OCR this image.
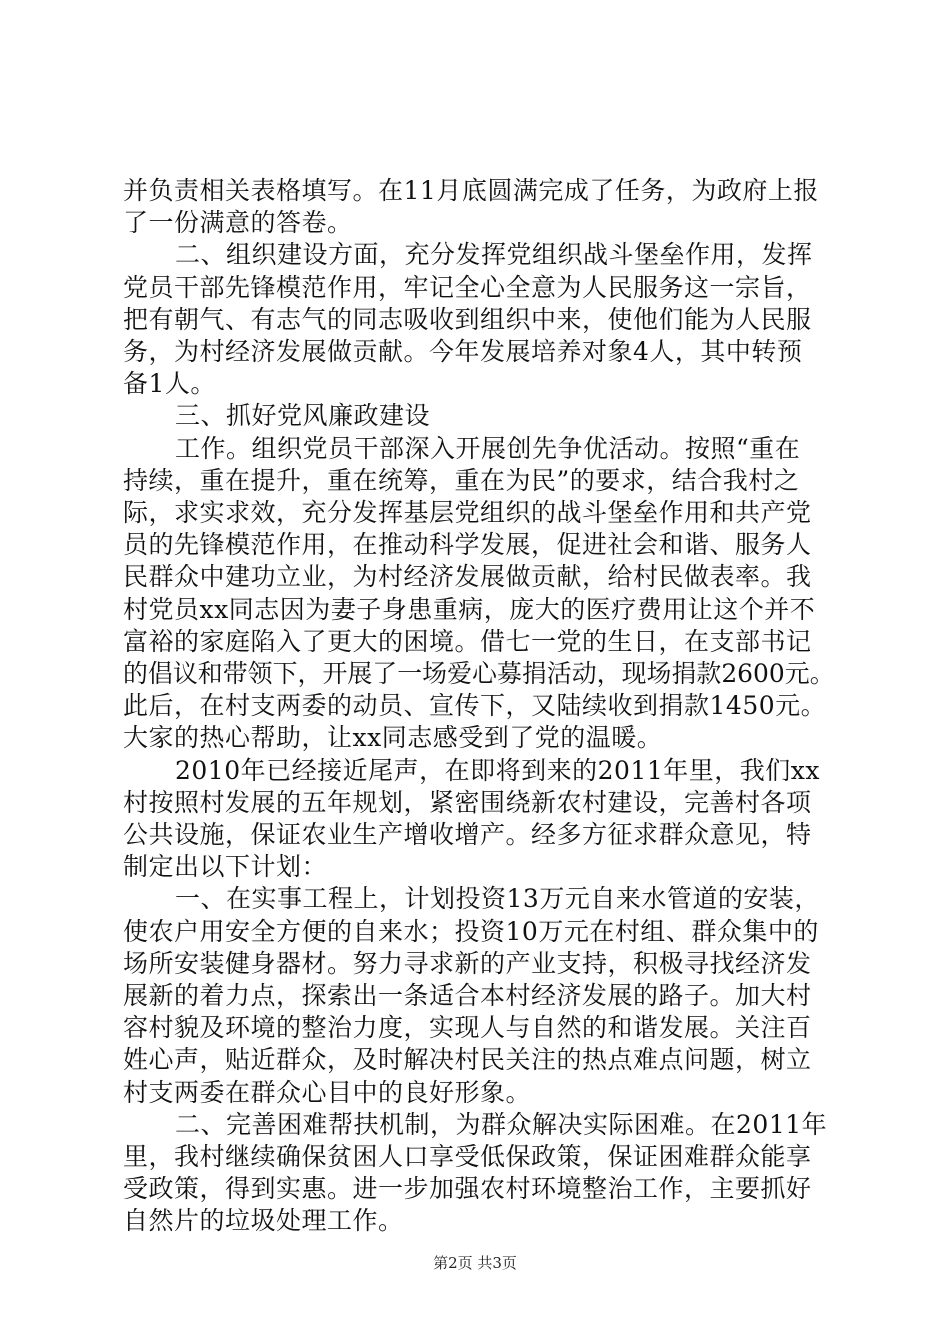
并负责相关表格填写。在11月底圆满完成了任务，为政府上报
了一份满意的答卷。
二、组织建设方面，充分发挥党组织战斗堡垒作用，发挥
党员干部先锋模范作用，牢记全心全意为人民服务这一宗旨，
把有朝气、有志气的同志吸收到组织中来，使他们能为人民服
务，为村经济发展做贡献。今年发展培养对象4人，其中转预
备1人。
三、抓好党风廉政建设
工作。组织党员干部深入开展创先争优活动。按照“重在
持续，重在提升，重在统筹，重在为民”的要求，结合我村之
际，求实求效，充分发挥基层党组织的战斗堡垒作用和共产党
员的先锋模范作用，在推动科学发展，促进社会和谐、服务人
民群众中建功立业，为村经济发展做贡献，给村民做表率。我
村党员xx同志因为妻子身患重病，庞大的医疗费用让这个并不
富裕的家庭陷入了更大的困境。借七一党的生日，在支部书记
的倡议和带领下，开展了一场爱心募捐活动，现场捐款2600元。
此后，在村支两委的动员、宣传下，又陆续收到捐款1450元。
大家的热心帮助，让xx同志感受到了党的温暖。
2010年已经接近尾声，在即将到来的2011年里，我们xx
村按照村发展的五年规划，紧密围绕新农村建设，完善村各项
公共设施，保证农业生产增收增产。经多方征求群众意见，特
制定出以下计划：
一、在实事工程上，计划投资13万元自来水管道的安装，
使农户用安全方便的自来水；投资10万元在村组、群众集中的
场所安装健身器材。努力寻求新的产业支持，积极寻找经济发
展新的着力点，探索出一条适合本村经济发展的路子。加大村
容村貌及环境的整治力度，实现人与自然的和谐发展。关注百
姓心声，贴近群众，及时解决村民关注的热点难点问题，树立
村支两委在群众心目中的良好形象。
二、完善困难帮扶机制，为群众解决实际困难。在2011年
里，我村继续确保贫困人口享受低保政策，保证困难群众能享
受政策，得到实惠。进一步加强农村环境整治工作，主要抓好
自然片的垃圾处理工作。
第2页 共3页
